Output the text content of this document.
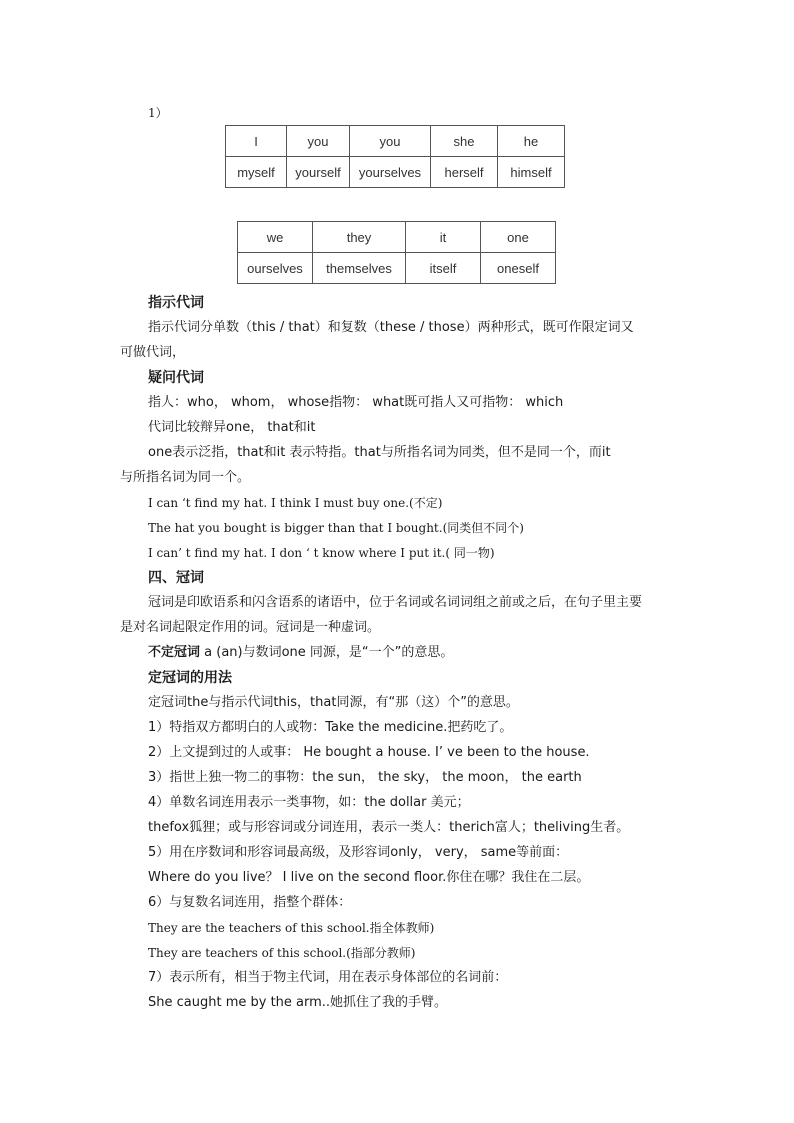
1）
I	you	you	she	he
myself	yourself	yourselves	herself	himself
we	they	it	one
ourselves	themselves	itself	oneself
指示代词
指示代词分单数（this / that）和复数（these / those）两种形式，既可作限定词又
可做代词，
疑问代词
指人：who， whom， whose指物： what既可指人又可指物： which
代词比较辩异one， that和it
one表示泛指，that和it 表示特指。that与所指名词为同类，但不是同一个，而it
与所指名词为同一个。
I can ‘t find my hat. I think I must buy one.(不定)
The hat you bought is bigger than that I bought.(同类但不同个)
I can’ t find my hat. I don ‘ t know where I put it.( 同一物)
四、冠词
冠词是印欧语系和闪含语系的诸语中，位于名词或名词词组之前或之后，在句子里主要
是对名词起限定作用的词。冠词是一种虚词。
不定冠词 a (an)与数词one 同源，是“一个”的意思。
定冠词的用法
定冠词the与指示代词this，that同源，有“那（这）个”的意思。
1）特指双方都明白的人或物：Take the medicine.把药吃了。
2）上文提到过的人或事： He bought a house. I’ ve been to the house.
3）指世上独一物二的事物：the sun， the sky， the moon， the earth
4）单数名词连用表示一类事物，如：the dollar 美元；
thefox狐狸；或与形容词或分词连用，表示一类人：therich富人；theliving生者。
5）用在序数词和形容词最高级，及形容词only， very， same等前面：
Where do you live？ I live on the second floor.你住在哪？我住在二层。
6）与复数名词连用，指整个群体：
They are the teachers of this school.指全体教师)
They are teachers of this school.(指部分教师)
7）表示所有，相当于物主代词，用在表示身体部位的名词前：
She caught me by the arm..她抓住了我的手臂。
